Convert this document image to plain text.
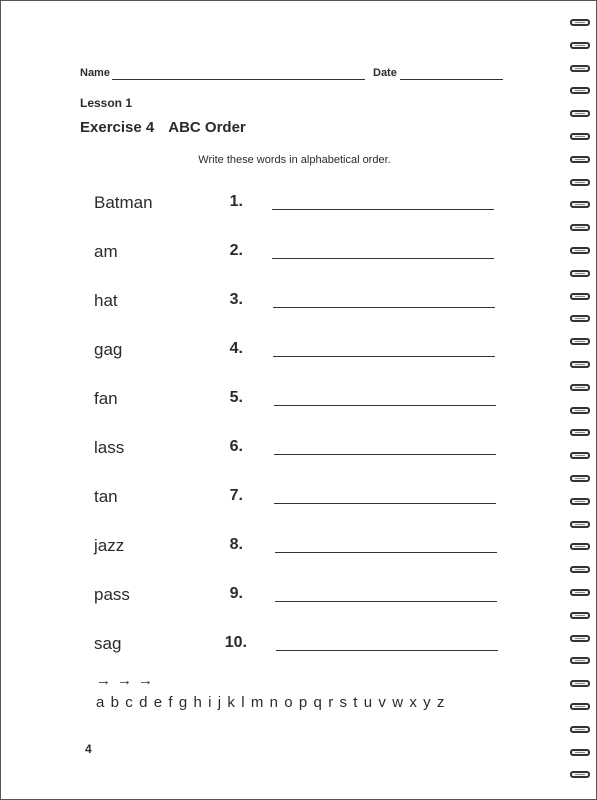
Name	Date
Lesson 1
Exercise 4 ABC Order
Write these words in alphabetical order.
Batman	1.
am	2.
hat	3.
gag	4.
fan	5.
lass	6.
tan	7.
jazz	8.
pass	9.
sag	10.
→ → →
a b c d e f g h i j k l m n o p q r s t u v w x y z
4
